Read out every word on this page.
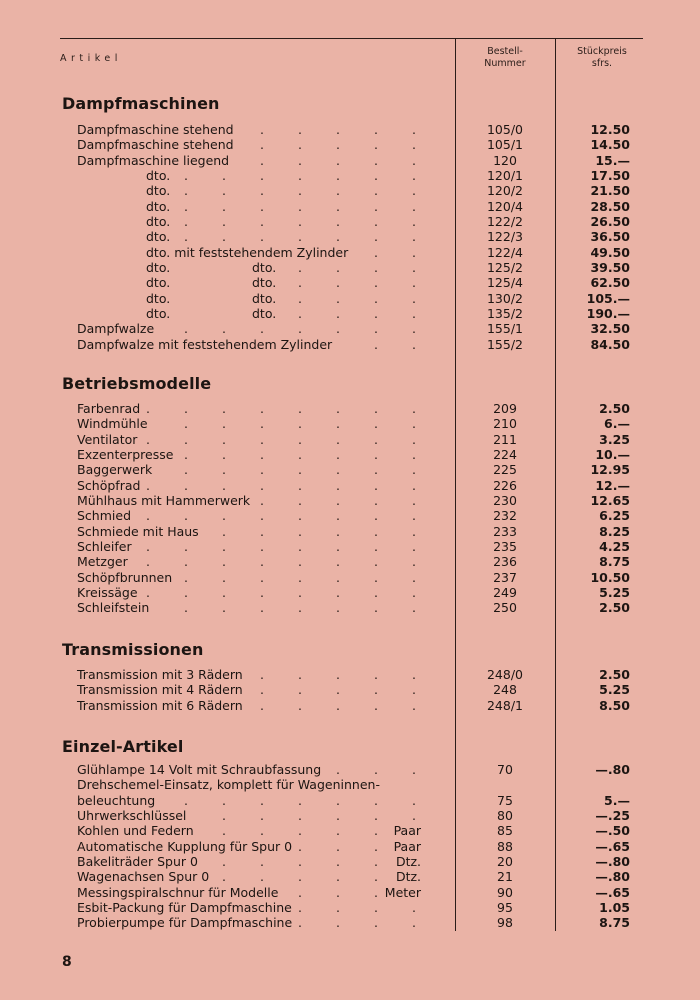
Artikel
Bestell-
Nummer
Stückpreis
sfrs.
Dampfmaschinen
Dampfmaschine stehend .	.	.	.	.	105/0	12.50
Dampfmaschine stehend .	.	.	.	.	105/1	14.50
Dampfmaschine liegend .	.	.	.	.	120	15.—
dto. .	.	.	.	.	.	.	120/1	17.50
dto. .	.	.	.	.	.	.	120/2	21.50
dto. .	.	.	.	.	.	.	120/4	28.50
dto. .	.	.	.	.	.	.	122/2	26.50
dto. .	.	.	.	.	.	.	122/3	36.50
dto. mit feststehendem Zylinder .	.	122/4	49.50
dto.	dto. .	.	.	.	125/2	39.50
dto.	dto. .	.	.	.	125/4	62.50
dto.	dto. .	.	.	.	130/2	105.—
dto.	dto. .	.	.	.	135/2	190.—
Dampfwalze .	.	.	.	.	.	.	155/1	32.50
Dampfwalze mit feststehendem Zylinder	.	.	155/2	84.50
Betriebsmodelle
Farbenrad .	.	.	.	.	.	.	.	209	2.50
Windmühle	.	.	.	.	.	.	.	210	6.—
Ventilator .	.	.	.	.	.	.	.	211	3.25
Exzenterpresse .	.	.	.	.	.	.	224	10.—
Baggerwerk	.	.	.	.	.	.	.	225	12.95
Schöpfrad .	.	.	.	.	.	.	.	226	12.—
Mühlhaus mit Hammerwerk .	.	.	.	.	230	12.65
Schmied .	.	.	.	.	.	.	.	232	6.25
Schmiede mit Haus .	.	.	.	.	.	233	8.25
Schleifer .	.	.	.	.	.	.	.	235	4.25
Metzger .	.	.	.	.	.	.	.	236	8.75
Schöpfbrunnen .	.	.	.	.	.	.	237	10.50
Kreissäge .	.	.	.	.	.	.	.	249	5.25
Schleifstein	.	.	.	.	.	.	.	250	2.50
Transmissionen
Transmission mit 3 Rädern .	.	.	.	.	248/0	2.50
Transmission mit 4 Rädern .	.	.	.	.	248	5.25
Transmission mit 6 Rädern .	.	.	.	.	248/1	8.50
Einzel-Artikel
Glühlampe 14 Volt mit Schraubfassung .	.	.	70	—.80
Drehschemel-Einsatz, komplett für Wageninnen-
beleuchtung .	.	.	.	.	.	.	75	5.—
Uhrwerkschlüssel	.	.	.	.	.	.	80	—.25
Kohlen und Federn .	.	.	.	.	Paar	85	—.50
Automatische Kupplung für Spur 0 .	.	.	Paar	88	—.65
Bakeliträder Spur 0 .	.	.	.	.	Dtz.	20	—.80
Wagenachsen Spur 0 .	.	.	.	.	Dtz.	21	—.80
Messingspiralschnur für Modelle .	.	. Meter	90	—.65
Esbit-Packung für Dampfmaschine .	.	.	.	95	1.05
Probierpumpe für Dampfmaschine .	.	.	.	98	8.75
8
